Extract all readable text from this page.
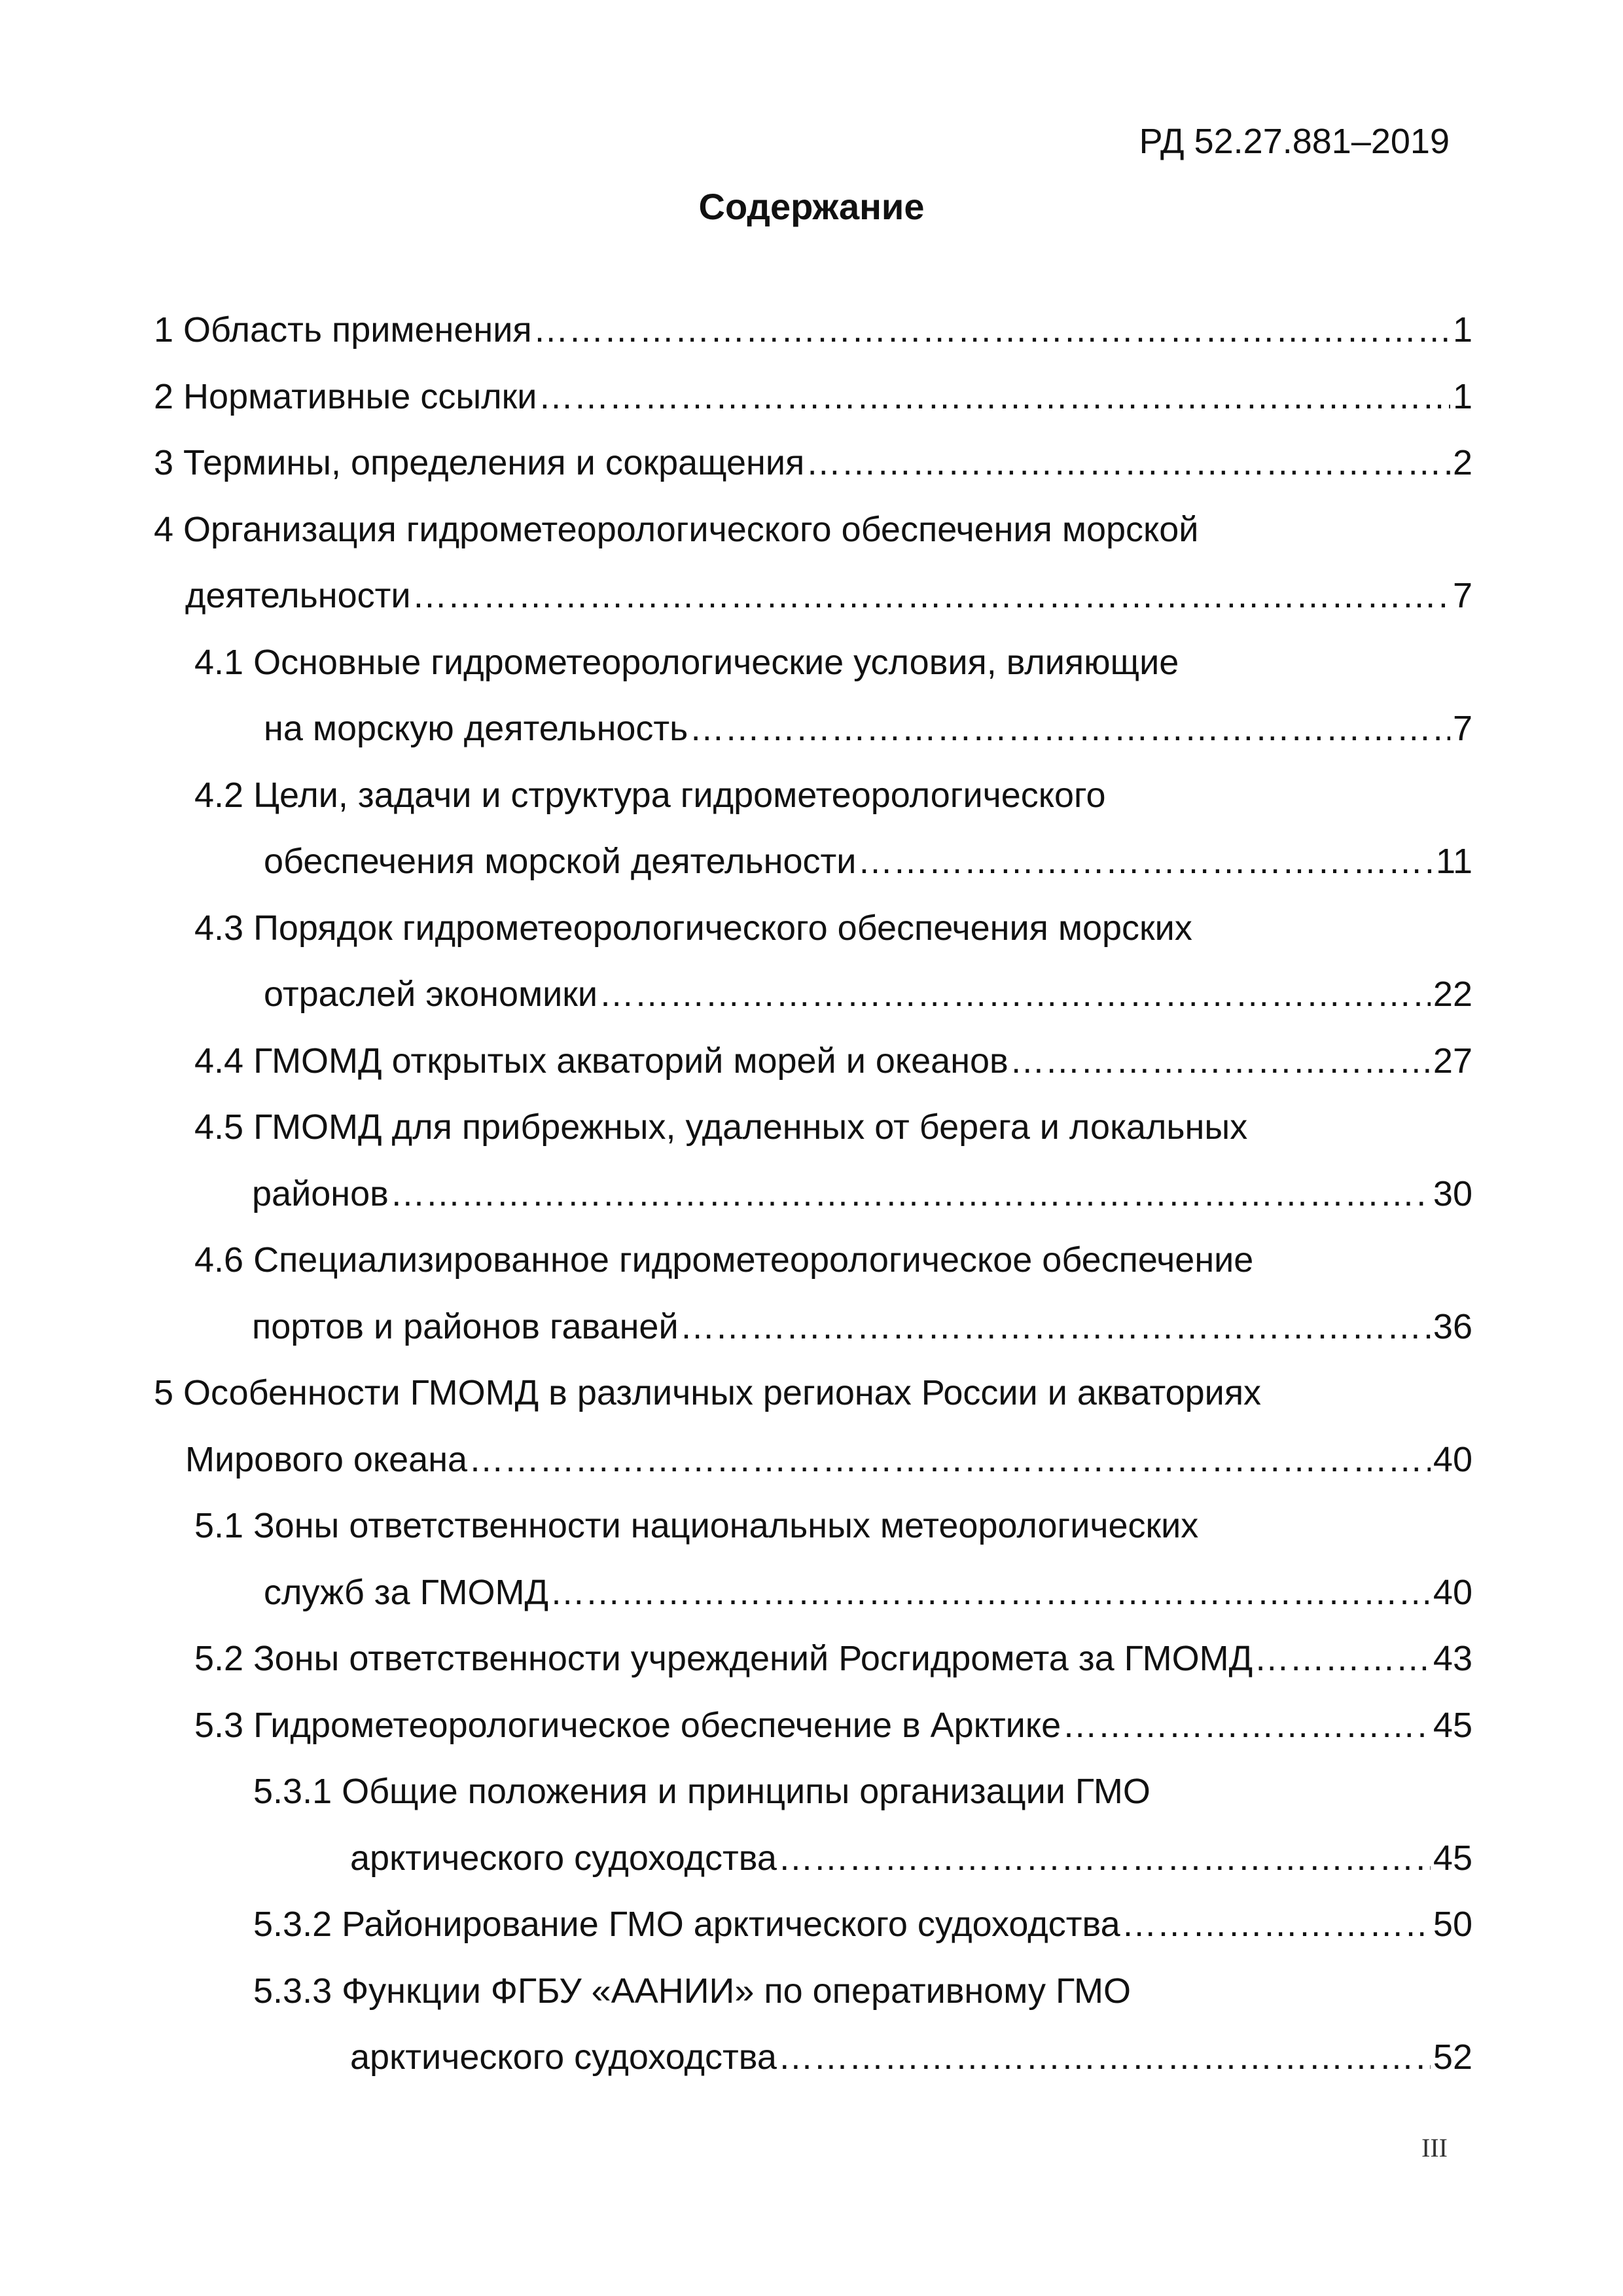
РД 52.27.881–2019
Содержание
1 Область применения ………………………………………………………………………………………………………………………………………………………………………………	1
2 Нормативные ссылки ………………………………………………………………………………………………………………………………………………………………………………	1
3 Термины, определения и сокращения ………………………………………………………………………………………………………………………………………………………………………………	2
4 Организация гидрометеорологического обеспечения морской
деятельности ………………………………………………………………………………………………………………………………………………………………………………	7
4.1 Основные гидрометеорологические условия, влияющие
на морскую деятельность ………………………………………………………………………………………………………………………………………………………………………………	7
4.2 Цели, задачи и структура гидрометеорологического
обеспечения морской деятельности ………………………………………………………………………………………………………………………………………………………………………………	11
4.3 Порядок гидрометеорологического обеспечения морских
отраслей экономики ………………………………………………………………………………………………………………………………………………………………………………	22
4.4 ГМОМД открытых акваторий морей и океанов ………………………………………………………………………………………………………………………………………………………………………………	27
4.5 ГМОМД для прибрежных, удаленных от берега и локальных
районов ………………………………………………………………………………………………………………………………………………………………………………	30
4.6 Специализированное гидрометеорологическое обеспечение
портов и районов гаваней ………………………………………………………………………………………………………………………………………………………………………………	36
5 Особенности ГМОМД в различных регионах России и акваториях
Мирового океана ………………………………………………………………………………………………………………………………………………………………………………	40
5.1 Зоны ответственности национальных метеорологических
служб за ГМОМД ………………………………………………………………………………………………………………………………………………………………………………	40
5.2 Зоны ответственности учреждений Росгидромета за ГМОМД ………………………………………………………………………………………………………………………………………………………………………………	43
5.3 Гидрометеорологическое обеспечение в Арктике ………………………………………………………………………………………………………………………………………………………………………………	45
5.3.1 Общие положения и принципы организации ГМО
арктического судоходства ………………………………………………………………………………………………………………………………………………………………………………	45
5.3.2 Районирование ГМО арктического судоходства ………………………………………………………………………………………………………………………………………………………………………………	50
5.3.3 Функции ФГБУ «ААНИИ» по оперативному ГМО
арктического судоходства ………………………………………………………………………………………………………………………………………………………………………………	52
III
